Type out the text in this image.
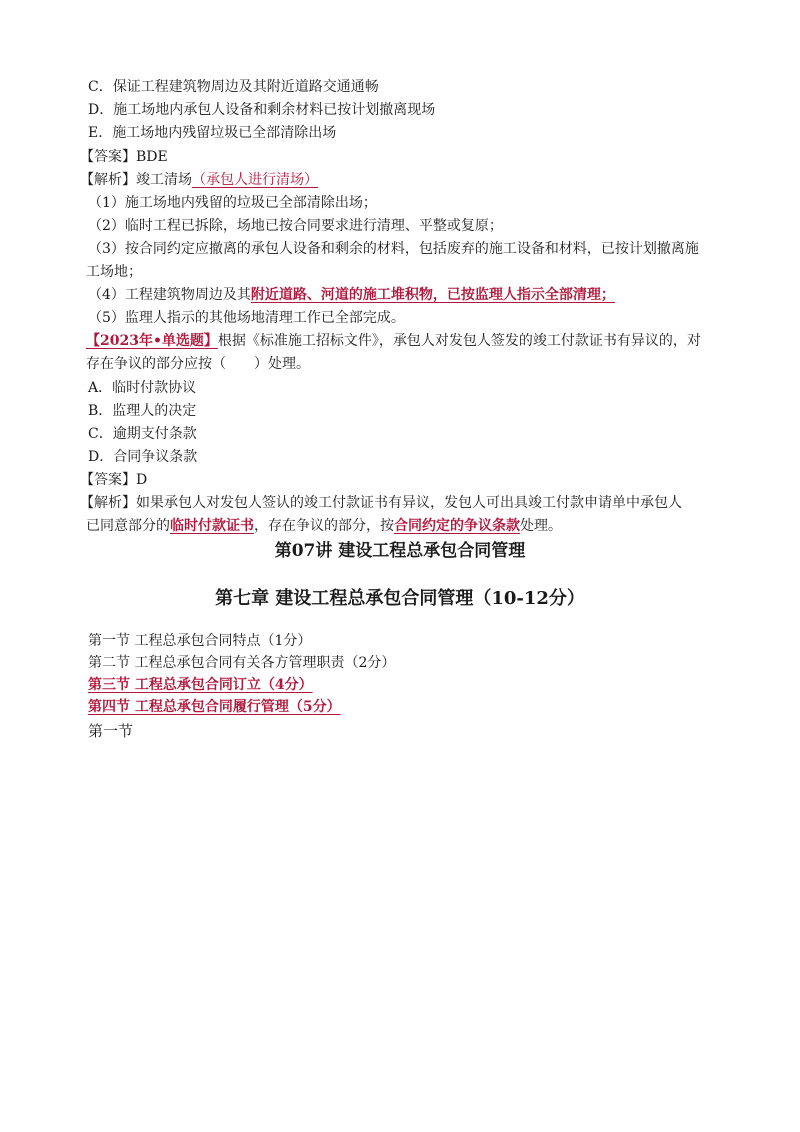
C．保证工程建筑物周边及其附近道路交通通畅
D．施工场地内承包人设备和剩余材料已按计划撤离现场
E．施工场地内残留垃圾已全部清除出场
【答案】BDE
【解析】竣工清场（承包人进行清场）
（1）施工场地内残留的垃圾已全部清除出场；
（2）临时工程已拆除，场地已按合同要求进行清理、平整或复原；
（3）按合同约定应撤离的承包人设备和剩余的材料，包括废弃的施工设备和材料，已按计划撤离施
工场地；
（4）工程建筑物周边及其附近道路、河道的施工堆积物，已按监理人指示全部清理；
（5）监理人指示的其他场地清理工作已全部完成。
【2023年•单选题】根据《标准施工招标文件》，承包人对发包人签发的竣工付款证书有异议的，对
存在争议的部分应按（　　）处理。
A．临时付款协议
B．监理人的决定
C．逾期支付条款
D．合同争议条款
【答案】D
【解析】如果承包人对发包人签认的竣工付款证书有异议，发包人可出具竣工付款申请单中承包人
已同意部分的临时付款证书，存在争议的部分，按合同约定的争议条款处理。
第07讲 建设工程总承包合同管理
第七章 建设工程总承包合同管理（10-12分）
第一节 工程总承包合同特点（1分）
第二节 工程总承包合同有关各方管理职责（2分）
第三节 工程总承包合同订立（4分）
第四节 工程总承包合同履行管理（5分）
第一节
